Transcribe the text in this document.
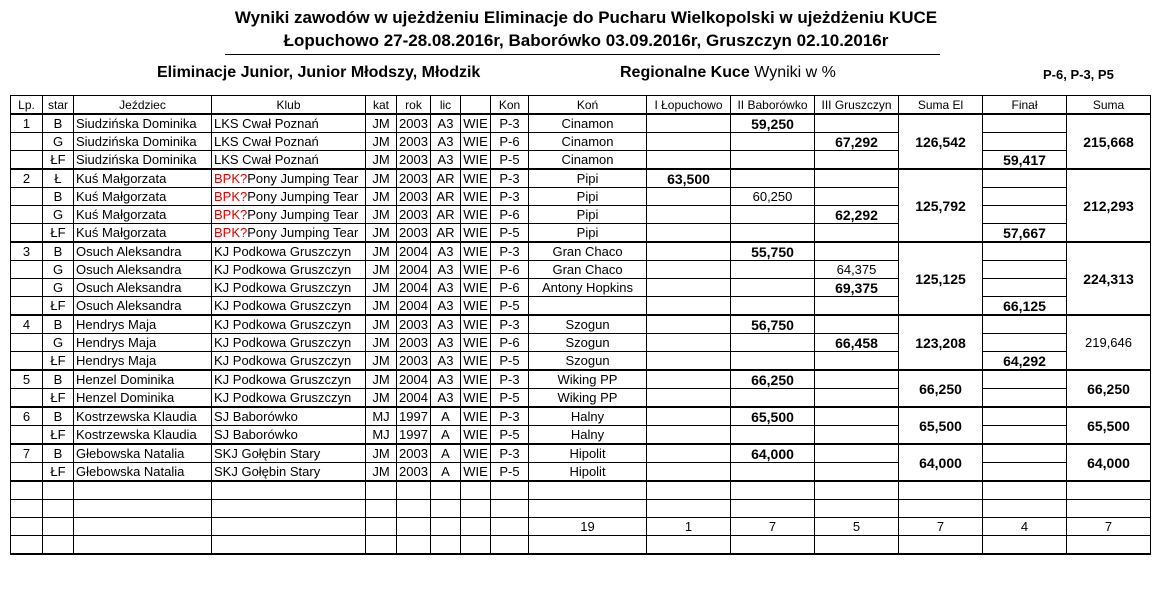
Wyniki zawodów w ujeżdżeniu Eliminacje do Pucharu Wielkopolski w ujeżdżeniu KUCE
Łopuchowo 27-28.08.2016r, Baborówko 03.09.2016r, Gruszczyn 02.10.2016r
Eliminacje Junior, Junior Młodszy, Młodzik	Regionalne Kuce Wyniki w %	P-6, P-3, P5
Lp.	star	Jeździec	Klub	kat	rok	lic		Kon	Koń	I Łopuchowo	II Baborówko	III Gruszczyn	Suma El	Finał	Suma
1	B	Siudzińska Dominika	LKS Cwał Poznań	JM	2003	A3	WIE	P-3	Cinamon		59,250		126,542		215,668
	G	Siudzińska Dominika	LKS Cwał Poznań	JM	2003	A3	WIE	P-6	Cinamon			67,292			
	ŁF	Siudzińska Dominika	LKS Cwał Poznań	JM	2003	A3	WIE	P-5	Cinamon					59,417	
2	Ł	Kuś Małgorzata	BPK?Pony Jumping Tear	JM	2003	AR	WIE	P-3	Pipi	63,500			125,792		212,293
	B	Kuś Małgorzata	BPK?Pony Jumping Tear	JM	2003	AR	WIE	P-3	Pipi		60,250				
	G	Kuś Małgorzata	BPK?Pony Jumping Tear	JM	2003	AR	WIE	P-6	Pipi			62,292			
	ŁF	Kuś Małgorzata	BPK?Pony Jumping Tear	JM	2003	AR	WIE	P-5	Pipi					57,667	
3	B	Osuch Aleksandra	KJ Podkowa Gruszczyn	JM	2004	A3	WIE	P-3	Gran Chaco		55,750		125,125		224,313
	G	Osuch Aleksandra	KJ Podkowa Gruszczyn	JM	2004	A3	WIE	P-6	Gran Chaco			64,375			
	G	Osuch Aleksandra	KJ Podkowa Gruszczyn	JM	2004	A3	WIE	P-6	Antony Hopkins			69,375			
	ŁF	Osuch Aleksandra	KJ Podkowa Gruszczyn	JM	2004	A3	WIE	P-5						66,125	
4	B	Hendrys Maja	KJ Podkowa Gruszczyn	JM	2003	A3	WIE	P-3	Szogun		56,750		123,208		219,646
	G	Hendrys Maja	KJ Podkowa Gruszczyn	JM	2003	A3	WIE	P-6	Szogun			66,458			
	ŁF	Hendrys Maja	KJ Podkowa Gruszczyn	JM	2003	A3	WIE	P-5	Szogun					64,292	
5	B	Henzel Dominika	KJ Podkowa Gruszczyn	JM	2004	A3	WIE	P-3	Wiking PP		66,250		66,250		66,250
	ŁF	Henzel Dominika	KJ Podkowa Gruszczyn	JM	2004	A3	WIE	P-5	Wiking PP						
6	B	Kostrzewska Klaudia	SJ Baborówko	MJ	1997	A	WIE	P-3	Halny		65,500		65,500		65,500
	ŁF	Kostrzewska Klaudia	SJ Baborówko	MJ	1997	A	WIE	P-5	Halny						
7	B	Głebowska Natalia	SKJ Gołębin Stary	JM	2003	A	WIE	P-3	Hipolit		64,000		64,000		64,000
	ŁF	Głebowska Natalia	SKJ Gołębin Stary	JM	2003	A	WIE	P-5	Hipolit						

									19	1	7	5	7	4	7
